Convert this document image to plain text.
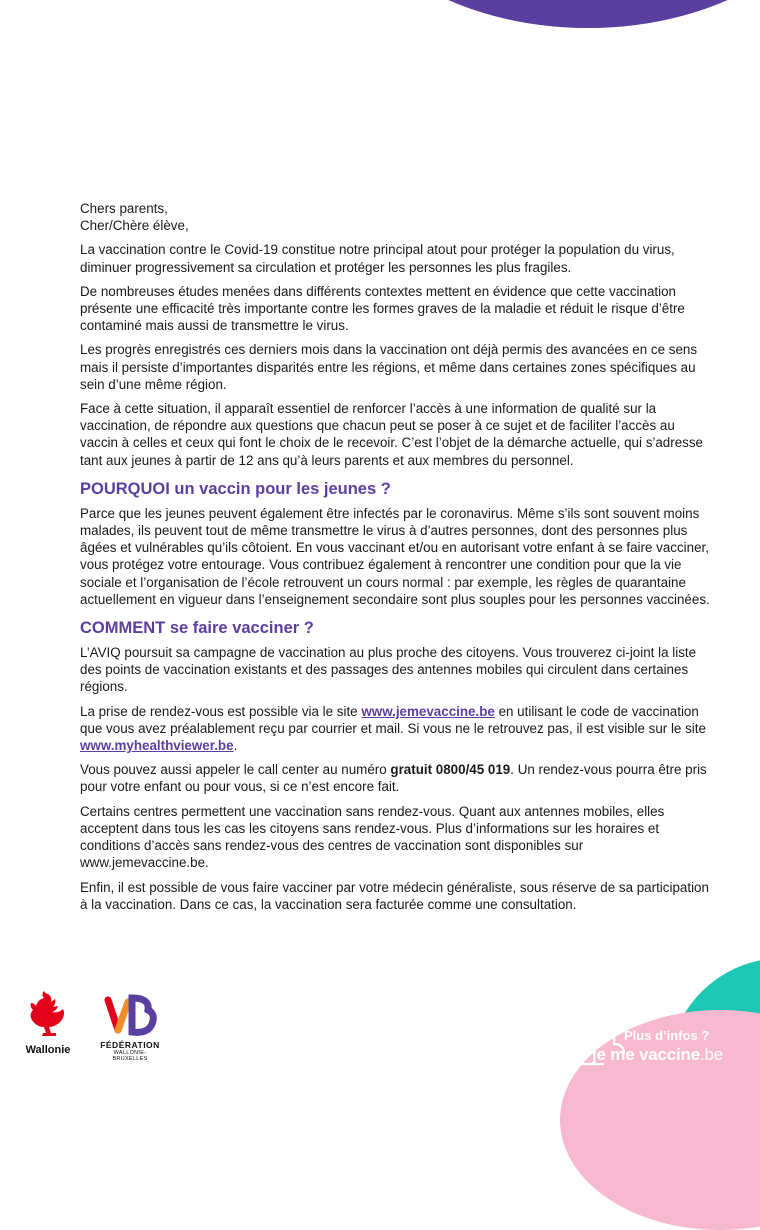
Chers parents,

Cher/Chère élève,

La vaccination contre le Covid-19 constitue notre principal atout pour protéger la population du virus, diminuer progressivement sa circulation et protéger les personnes les plus fragiles.

De nombreuses études menées dans différents contextes mettent en évidence que cette vaccination présente une efficacité très importante contre les formes graves de la maladie et réduit le risque d’être contaminé mais aussi de transmettre le virus.

Les progrès enregistrés ces derniers mois dans la vaccination ont déjà permis des avancées en ce sens mais il persiste d’importantes disparités entre les régions, et même dans certaines zones spécifiques au sein d’une même région.

Face à cette situation, il apparaît essentiel de renforcer l’accès à une information de qualité sur la vaccination, de répondre aux questions que chacun peut se poser à ce sujet et de faciliter l’accès au vaccin à celles et ceux qui font le choix de le recevoir. C’est l’objet de la démarche actuelle, qui s’adresse tant aux jeunes à partir de 12 ans qu’à leurs parents et aux membres du personnel.

POURQUOI un vaccin pour les jeunes ?

Parce que les jeunes peuvent également être infectés par le coronavirus. Même s’ils sont souvent moins malades, ils peuvent tout de même transmettre le virus à d’autres personnes, dont des personnes plus âgées et vulnérables qu’ils côtoient. En vous vaccinant et/ou en autorisant votre enfant à se faire vacciner, vous protégez votre entourage. Vous contribuez également à rencontrer une condition pour que la vie sociale et l’organisation de l’école retrouvent un cours normal : par exemple, les règles de quarantaine actuellement en vigueur dans l’enseignement secondaire sont plus souples pour les personnes vaccinées.

COMMENT se faire vacciner ?

L’AVIQ poursuit sa campagne de vaccination au plus proche des citoyens. Vous trouverez ci-joint la liste des points de vaccination existants et des passages des antennes mobiles qui circulent dans certaines régions.

La prise de rendez-vous est possible via le site www.jemevaccine.be en utilisant le code de vaccination que vous avez préalablement reçu par courrier et mail. Si vous ne le retrouvez pas, il est visible sur le site www.myhealthviewer.be.

Vous pouvez aussi appeler le call center au numéro gratuit 0800/45 019. Un rendez-vous pourra être pris pour votre enfant ou pour vous, si ce n’est encore fait.

Certains centres permettent une vaccination sans rendez-vous. Quant aux antennes mobiles, elles acceptent dans tous les cas les citoyens sans rendez-vous. Plus d’informations sur les horaires et conditions d’accès sans rendez-vous des centres de vaccination sont disponibles sur www.jemevaccine.be.

Enfin, il est possible de vous faire vacciner par votre médecin généraliste, sous réserve de sa participation à la vaccination. Dans ce cas, la vaccination sera facturée comme une consultation.

Wallonie	FÉDÉRATION
WALLONIE-BRUXELLES
Plus d’infos ?
je me vaccine.be
